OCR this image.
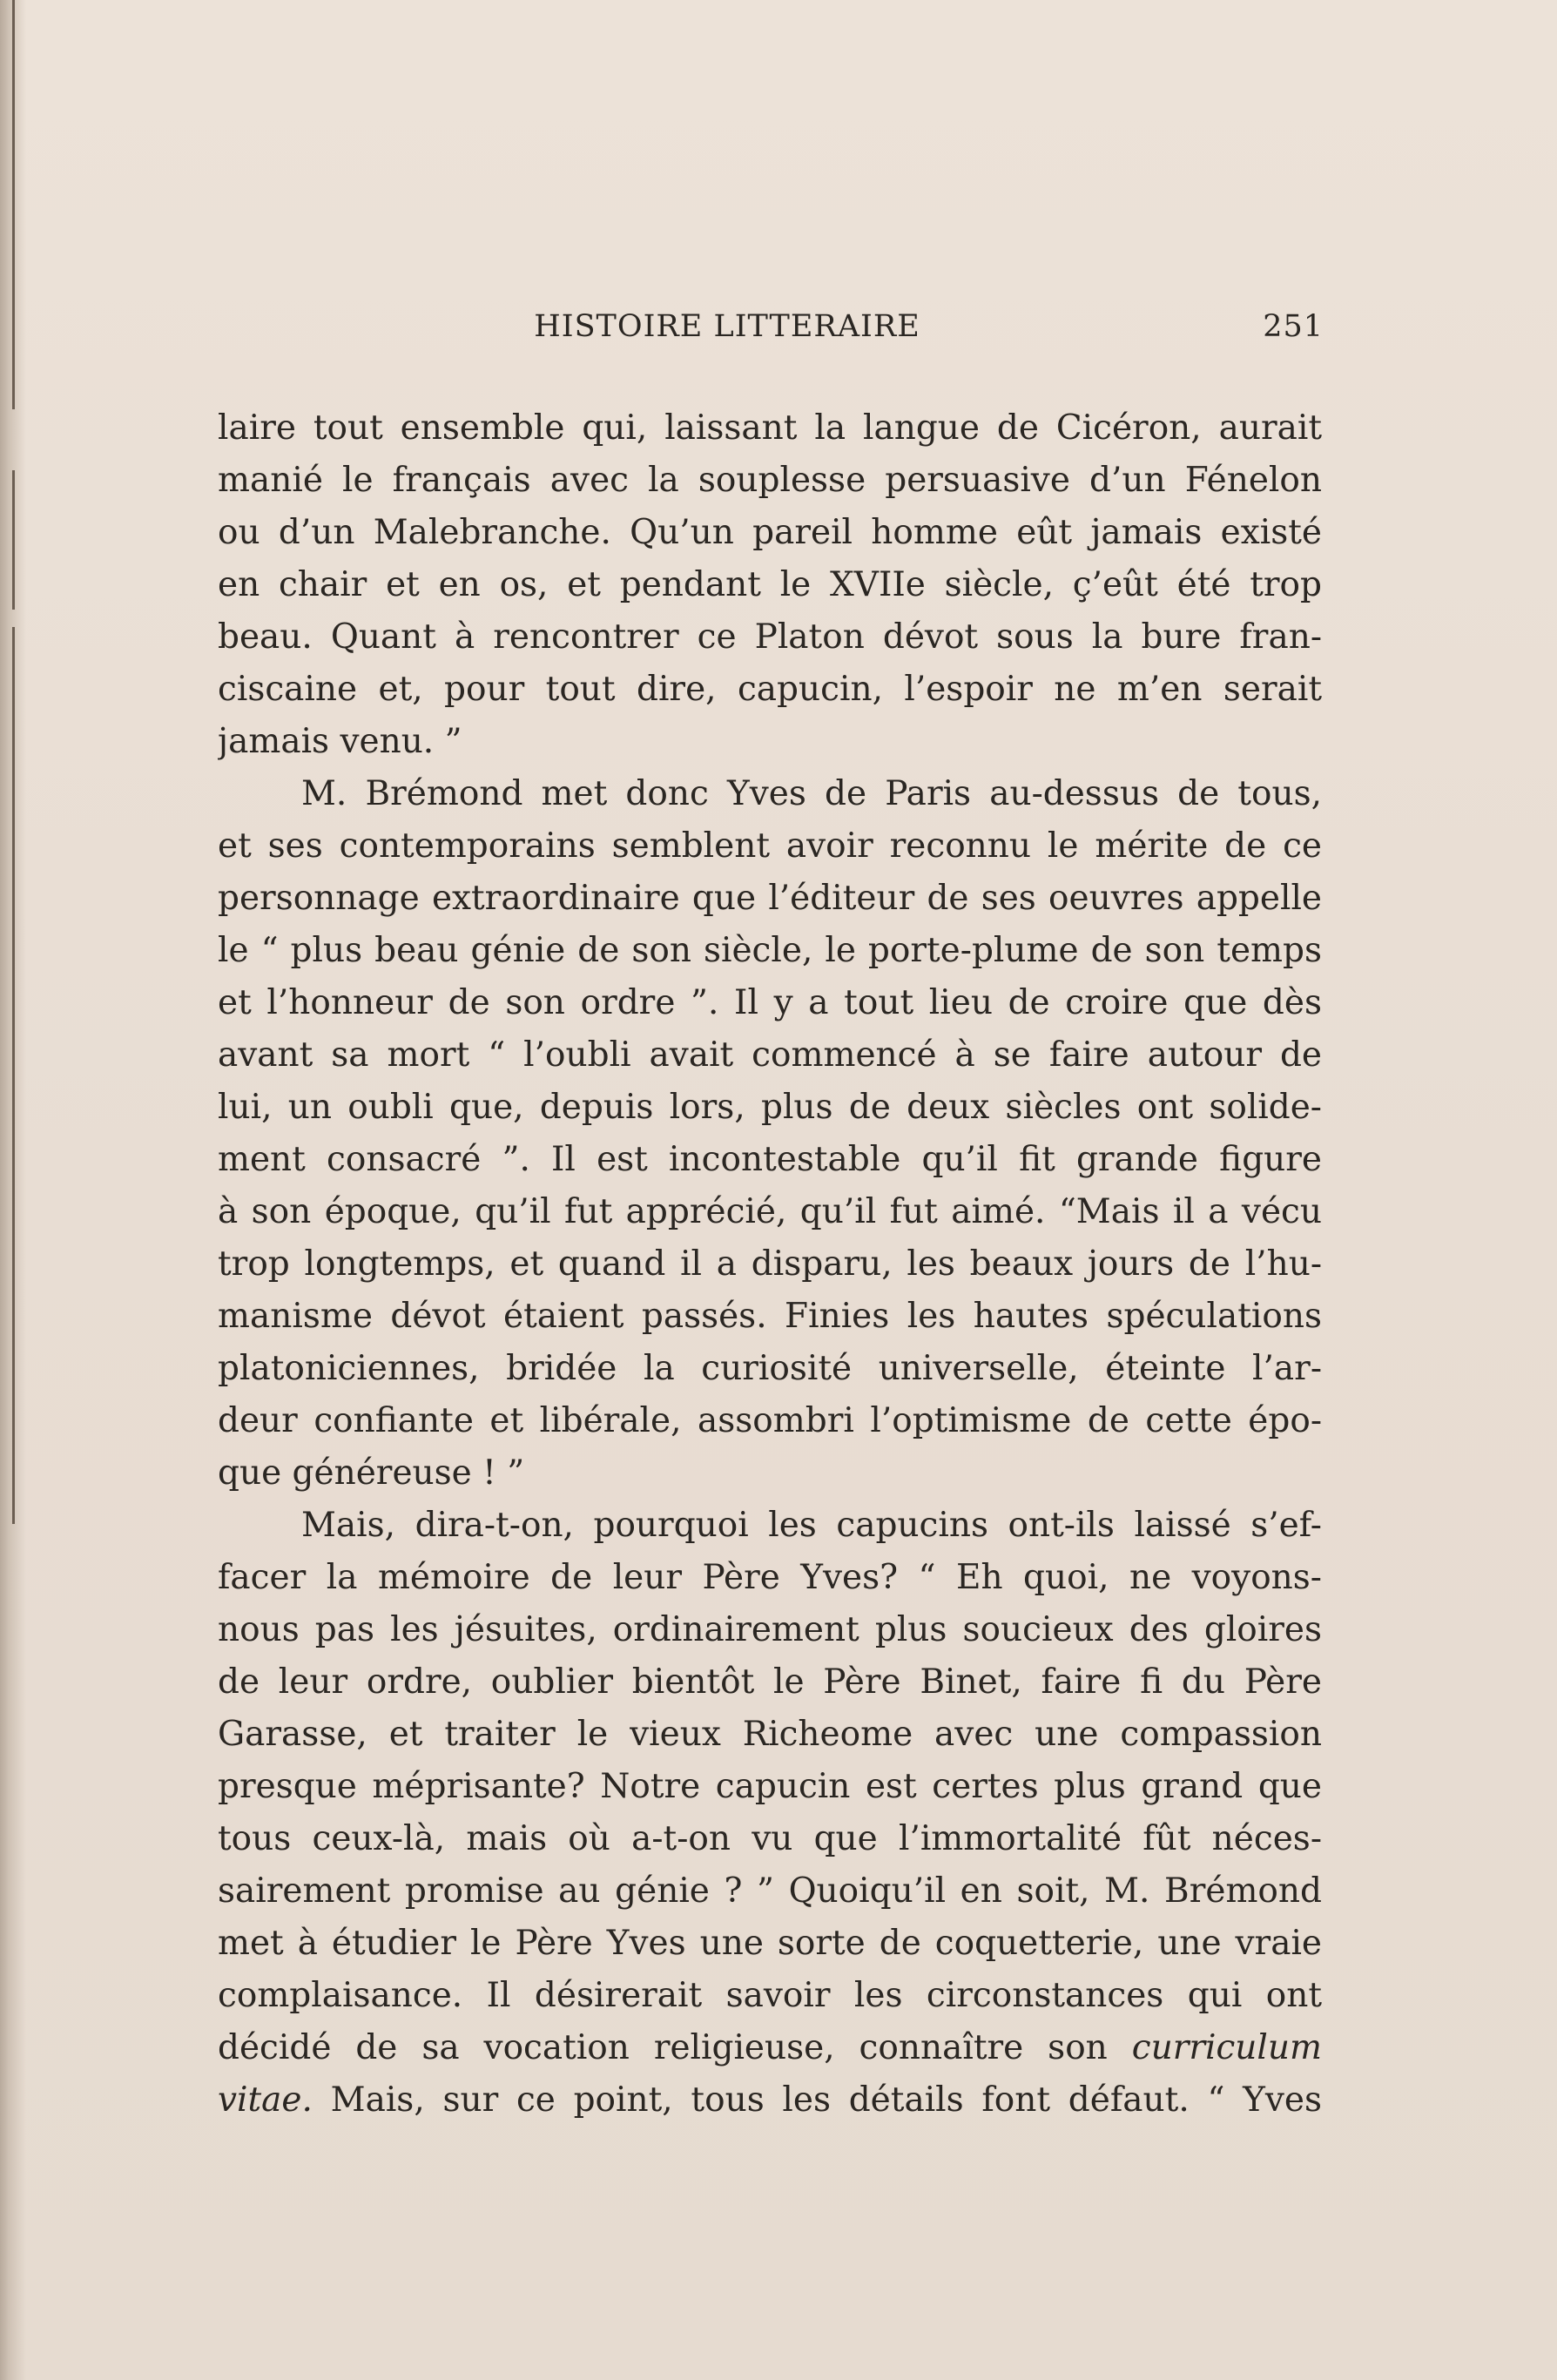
HISTOIRE LITTERAIRE	251
laire tout ensemble qui, laissant la langue de Cicéron, aurait
manié le français avec la souplesse persuasive d’un Fénelon
ou d’un Malebranche. Qu’un pareil homme eût jamais existé
en chair et en os, et pendant le XVIIe siècle, ç’eût été trop
beau. Quant à rencontrer ce Platon dévot sous la bure fran-
ciscaine et, pour tout dire, capucin, l’espoir ne m’en serait
jamais venu. ”
M. Brémond met donc Yves de Paris au-dessus de tous,
et ses contemporains semblent avoir reconnu le mérite de ce
personnage extraordinaire que l’éditeur de ses oeuvres appelle
le “ plus beau génie de son siècle, le porte-plume de son temps
et l’honneur de son ordre ”. Il y a tout lieu de croire que dès
avant sa mort “ l’oubli avait commencé à se faire autour de
lui, un oubli que, depuis lors, plus de deux siècles ont solide-
ment consacré ”. Il est incontestable qu’il fit grande figure
à son époque, qu’il fut apprécié, qu’il fut aimé. “Mais il a vécu
trop longtemps, et quand il a disparu, les beaux jours de l’hu-
manisme dévot étaient passés. Finies les hautes spéculations
platoniciennes, bridée la curiosité universelle, éteinte l’ar-
deur confiante et libérale, assombri l’optimisme de cette épo-
que généreuse ! ”
Mais, dira-t-on, pourquoi les capucins ont-ils laissé s’ef-
facer la mémoire de leur Père Yves? “ Eh quoi, ne voyons-
nous pas les jésuites, ordinairement plus soucieux des gloires
de leur ordre, oublier bientôt le Père Binet, faire fi du Père
Garasse, et traiter le vieux Richeome avec une compassion
presque méprisante? Notre capucin est certes plus grand que
tous ceux-là, mais où a-t-on vu que l’immortalité fût néces-
sairement promise au génie ? ” Quoiqu’il en soit, M. Brémond
met à étudier le Père Yves une sorte de coquetterie, une vraie
complaisance. Il désirerait savoir les circonstances qui ont
décidé de sa vocation religieuse, connaître son curriculum
vitae. Mais, sur ce point, tous les détails font défaut. “ Yves
